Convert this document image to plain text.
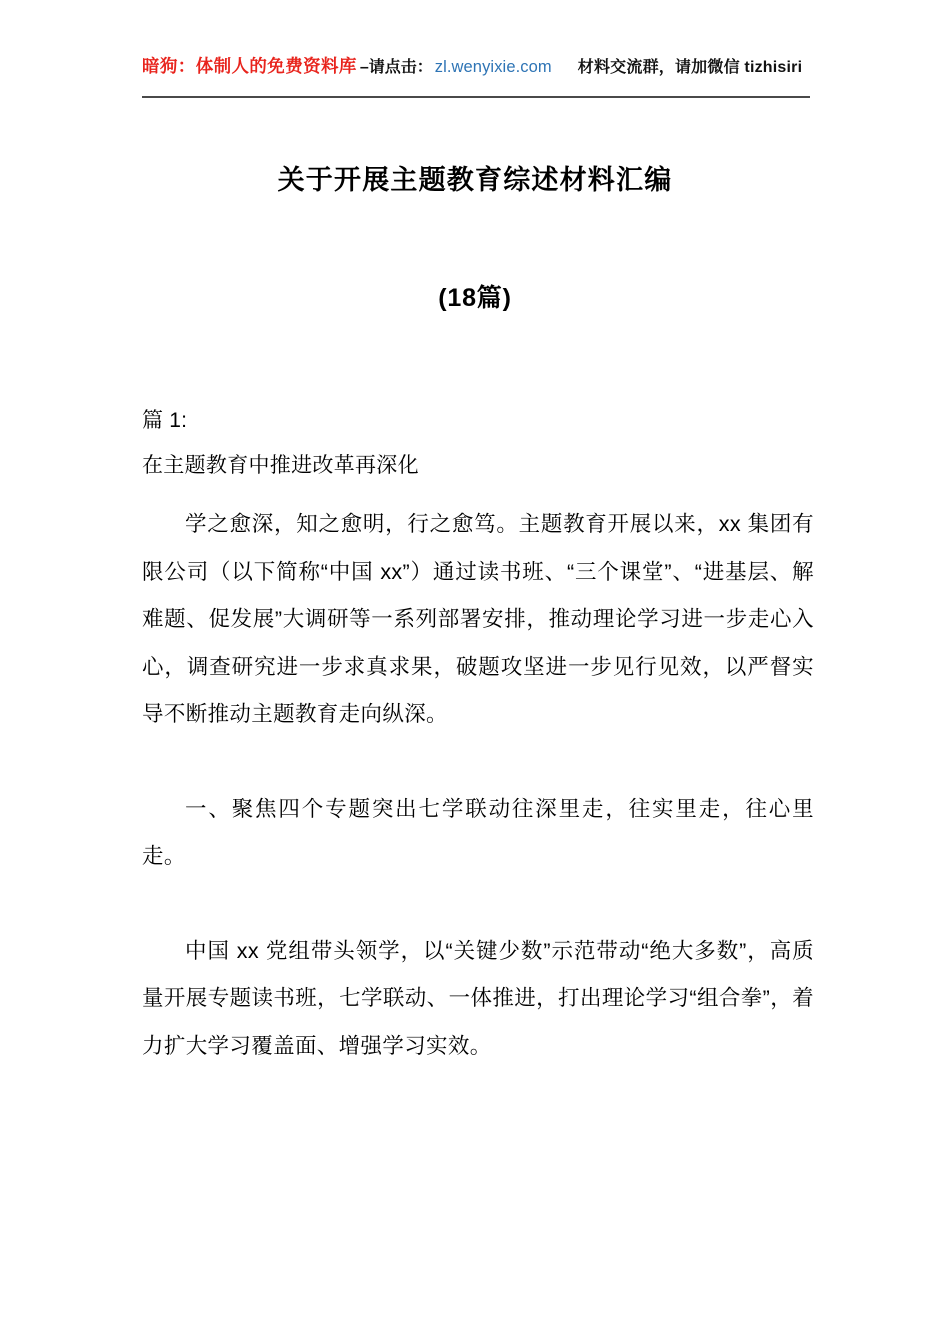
暗狗：体制人的免费资料库 –请点击： zl.wenyixie.com 材料交流群，请加微信 tizhisiri
关于开展主题教育综述材料汇编
(18篇)
篇 1:
在主题教育中推进改革再深化

学之愈深，知之愈明，行之愈笃。主题教育开展以来，xx 集团有限公司（以下简称“中国 xx”）通过读书班、“三个课堂”、“进基层、解难题、促发展”大调研等一系列部署安排，推动理论学习进一步走心入心，调查研究进一步求真求果，破题攻坚进一步见行见效，以严督实导不断推动主题教育走向纵深。

一、聚焦四个专题突出七学联动往深里走，往实里走，往心里走。

中国 xx 党组带头领学，以“关键少数”示范带动“绝大多数”，高质量开展专题读书班，七学联动、一体推进，打出理论学习“组合拳”，着力扩大学习覆盖面、增强学习实效。
